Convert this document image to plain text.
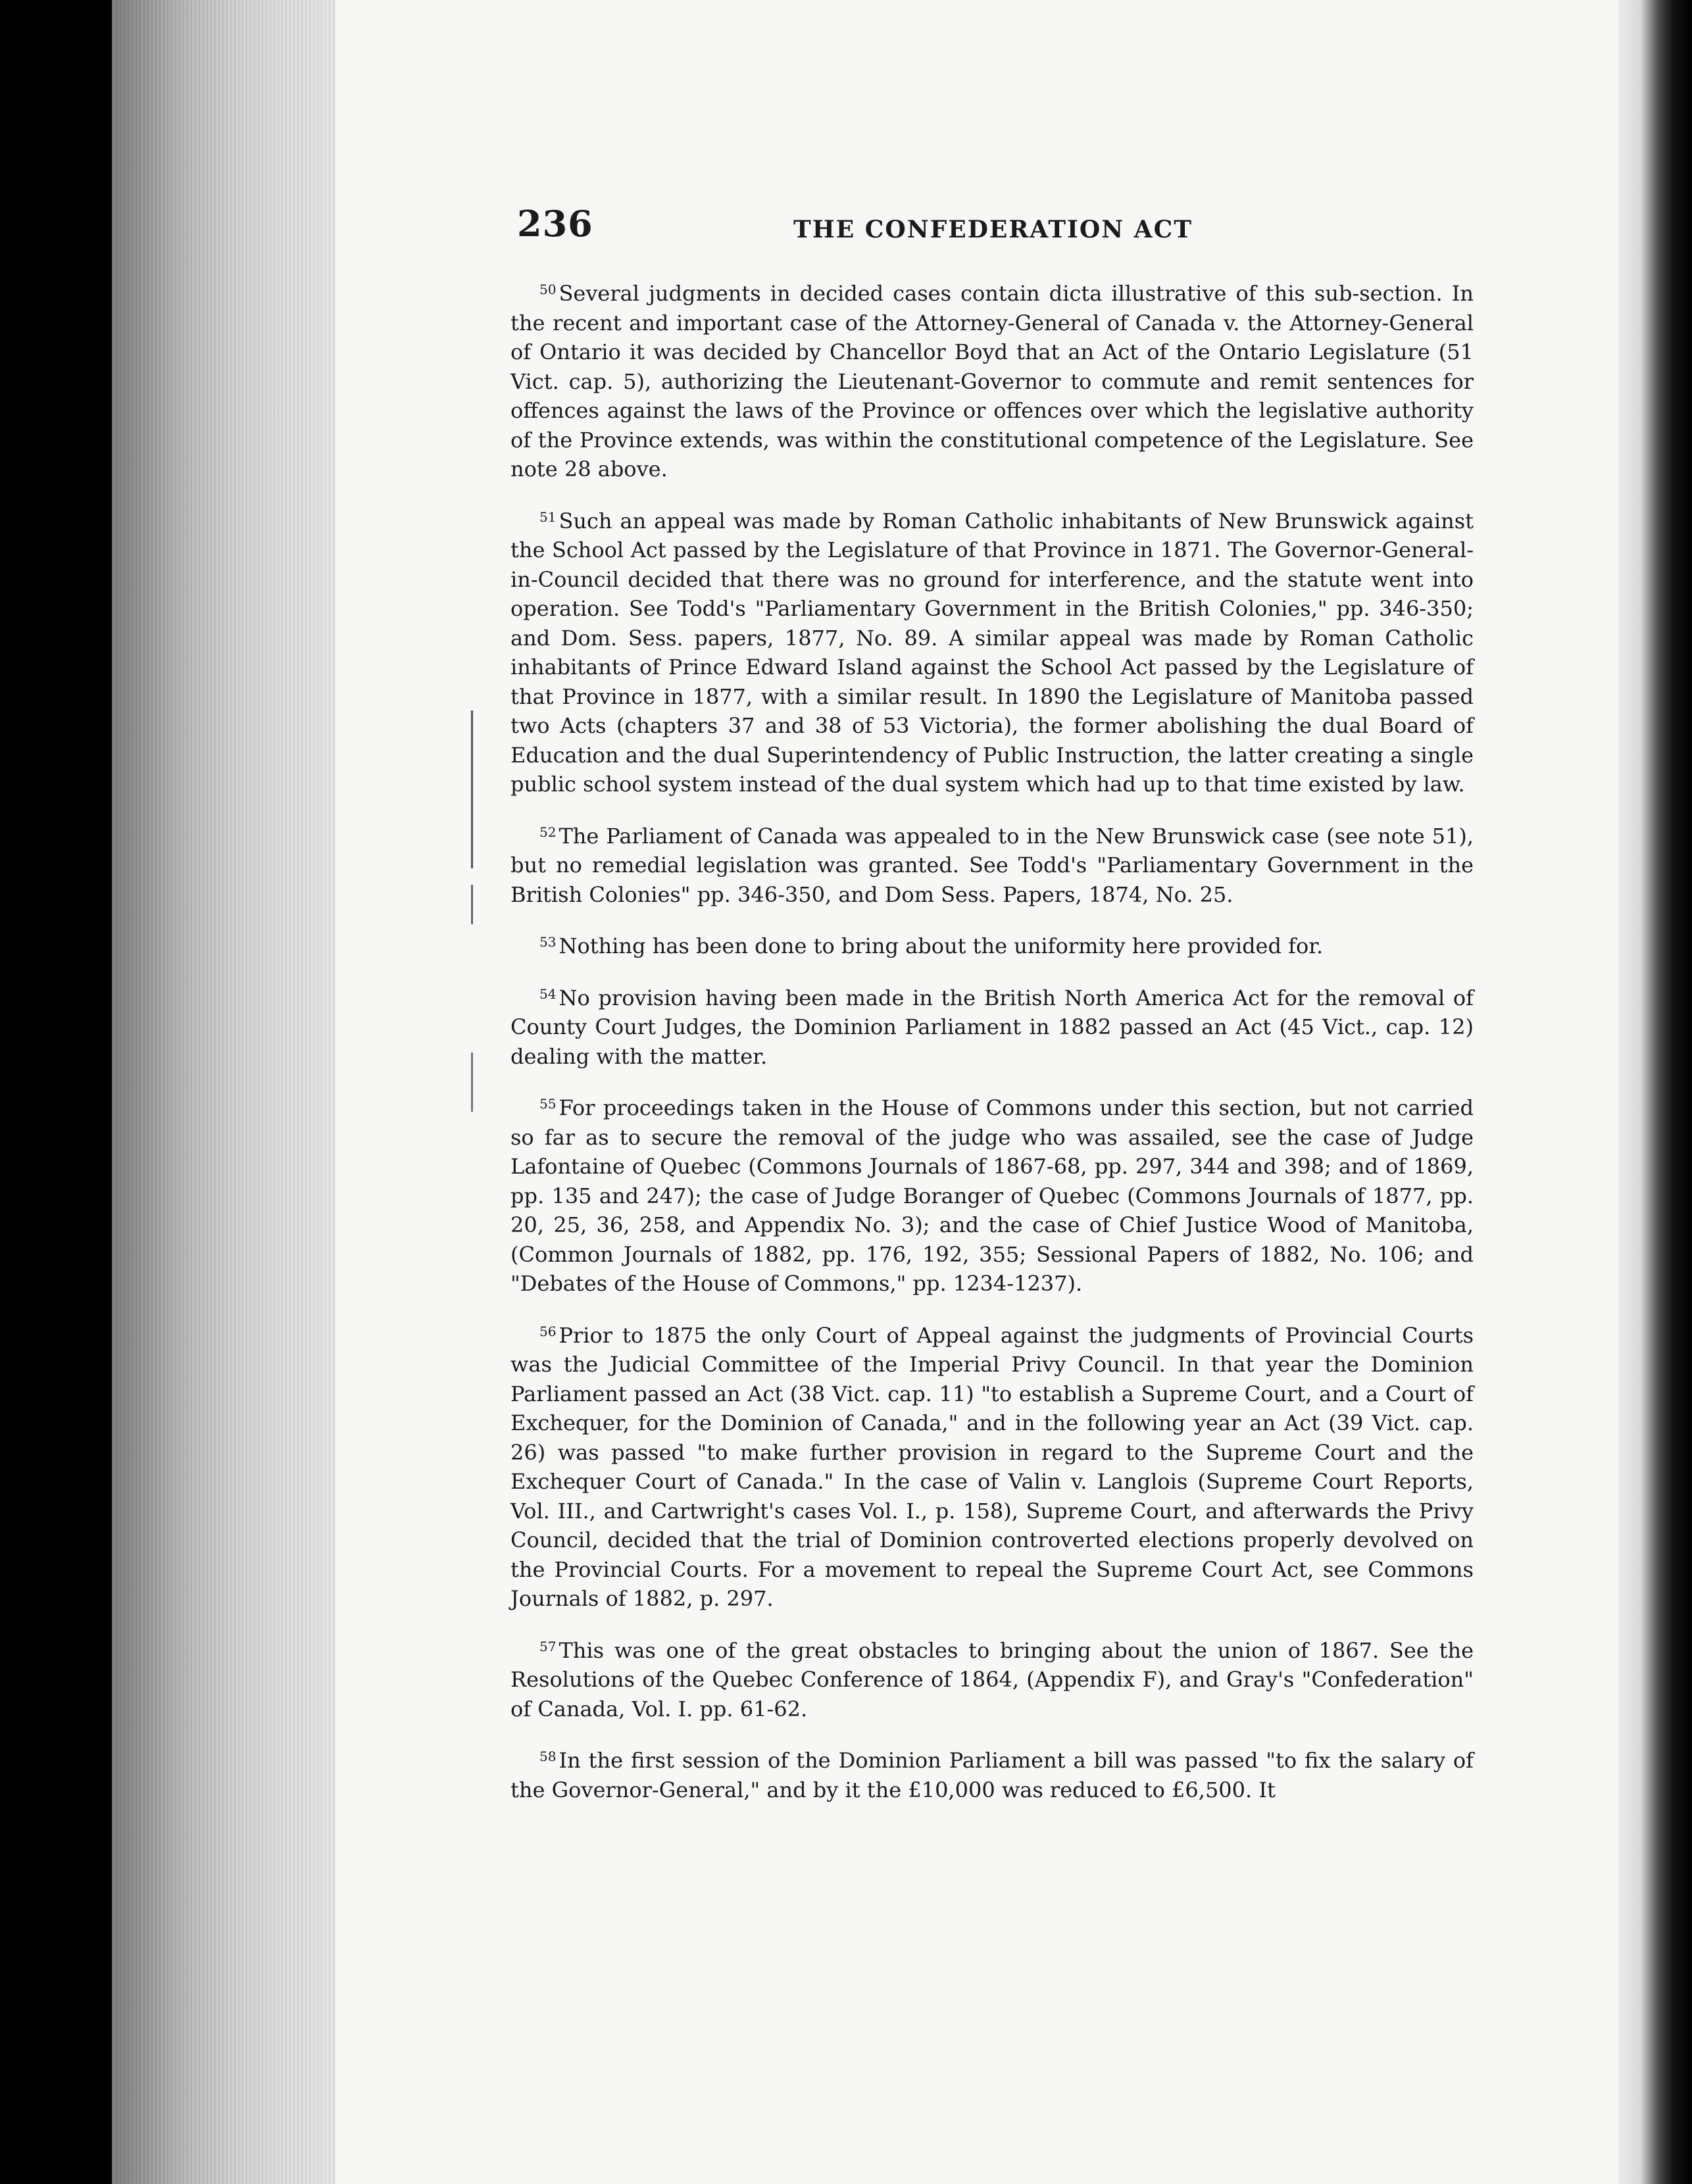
236	THE CONFEDERATION ACT

$^{50}$ Several judgments in decided cases contain dicta illustrative of this sub-section. In the recent and important case of the Attorney-General of Canada v. the Attorney-General of Ontario it was decided by Chancellor Boyd that an Act of the Ontario Legislature (51 Vict. cap. 5), authorizing the Lieutenant-Governor to commute and remit sentences for offences against the laws of the Province or offences over which the legislative authority of the Province extends, was within the constitutional competence of the Legislature. See note 28 above.

$^{51}$ Such an appeal was made by Roman Catholic inhabitants of New Brunswick against the School Act passed by the Legislature of that Province in 1871. The Governor-General-in-Council decided that there was no ground for interference, and the statute went into operation. See Todd's "Parliamentary Government in the British Colonies," pp. 346-350; and Dom. Sess. papers, 1877, No. 89. A similar appeal was made by Roman Catholic inhabitants of Prince Edward Island against the School Act passed by the Legislature of that Province in 1877, with a similar result. In 1890 the Legislature of Manitoba passed two Acts (chapters 37 and 38 of 53 Victoria), the former abolishing the dual Board of Education and the dual Superintendency of Public Instruction, the latter creating a single public school system instead of the dual system which had up to that time existed by law.

$^{52}$ The Parliament of Canada was appealed to in the New Brunswick case (see note 51), but no remedial legislation was granted. See Todd's "Parliamentary Government in the British Colonies" pp. 346-350, and Dom Sess. Papers, 1874, No. 25.

$^{53}$ Nothing has been done to bring about the uniformity here provided for.

$^{54}$ No provision having been made in the British North America Act for the removal of County Court Judges, the Dominion Parliament in 1882 passed an Act (45 Vict., cap. 12) dealing with the matter.

$^{55}$ For proceedings taken in the House of Commons under this section, but not carried so far as to secure the removal of the judge who was assailed, see the case of Judge Lafontaine of Quebec (Commons Journals of 1867-68, pp. 297, 344 and 398; and of 1869, pp. 135 and 247); the case of Judge Boranger of Quebec (Commons Journals of 1877, pp. 20, 25, 36, 258, and Appendix No. 3); and the case of Chief Justice Wood of Manitoba, (Common Journals of 1882, pp. 176, 192, 355; Sessional Papers of 1882, No. 106; and "Debates of the House of Commons," pp. 1234-1237).

$^{56}$ Prior to 1875 the only Court of Appeal against the judgments of Provincial Courts was the Judicial Committee of the Imperial Privy Council. In that year the Dominion Parliament passed an Act (38 Vict. cap. 11) "to establish a Supreme Court, and a Court of Exchequer, for the Dominion of Canada," and in the following year an Act (39 Vict. cap. 26) was passed "to make further provision in regard to the Supreme Court and the Exchequer Court of Canada." In the case of Valin v. Langlois (Supreme Court Reports, Vol. III., and Cartwright's cases Vol. I., p. 158), Supreme Court, and afterwards the Privy Council, decided that the trial of Dominion controverted elections properly devolved on the Provincial Courts. For a movement to repeal the Supreme Court Act, see Commons Journals of 1882, p. 297.

$^{57}$ This was one of the great obstacles to bringing about the union of 1867. See the Resolutions of the Quebec Conference of 1864, (Appendix F), and Gray's "Confederation" of Canada, Vol. I. pp. 61-62.

$^{58}$ In the first session of the Dominion Parliament a bill was passed "to fix the salary of the Governor-General," and by it the £10,000 was reduced to £6,500. It
